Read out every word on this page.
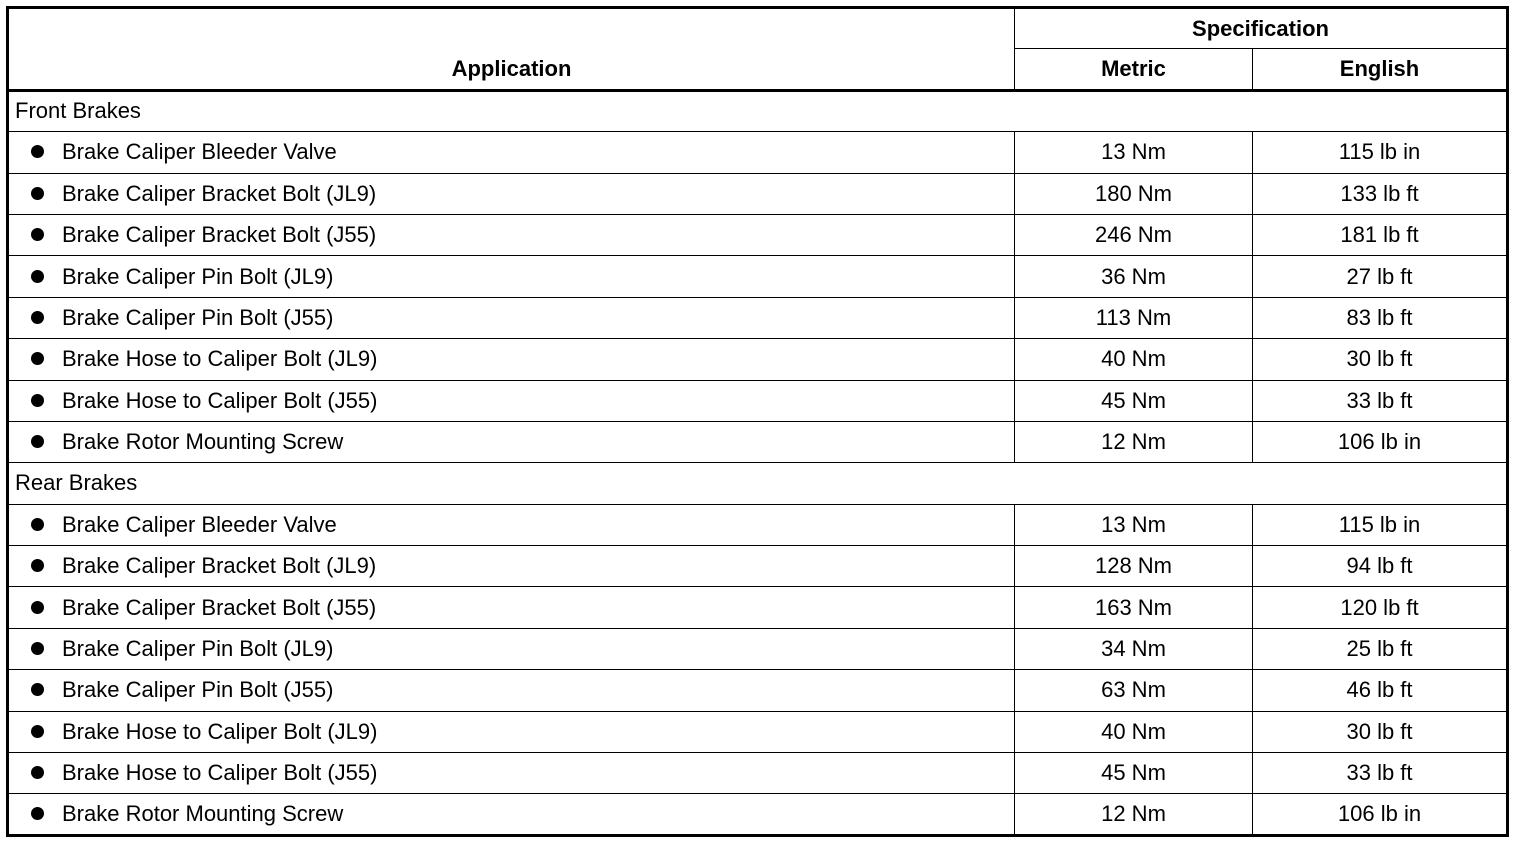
Application	Specification	
	Metric	English
Front Brakes		
Brake Caliper Bleeder Valve	13 Nm	115 lb in
Brake Caliper Bracket Bolt (JL9)	180 Nm	133 lb ft
Brake Caliper Bracket Bolt (J55)	246 Nm	181 lb ft
Brake Caliper Pin Bolt (JL9)	36 Nm	27 lb ft
Brake Caliper Pin Bolt (J55)	113 Nm	83 lb ft
Brake Hose to Caliper Bolt (JL9)	40 Nm	30 lb ft
Brake Hose to Caliper Bolt (J55)	45 Nm	33 lb ft
Brake Rotor Mounting Screw	12 Nm	106 lb in
Rear Brakes		
Brake Caliper Bleeder Valve	13 Nm	115 lb in
Brake Caliper Bracket Bolt (JL9)	128 Nm	94 lb ft
Brake Caliper Bracket Bolt (J55)	163 Nm	120 lb ft
Brake Caliper Pin Bolt (JL9)	34 Nm	25 lb ft
Brake Caliper Pin Bolt (J55)	63 Nm	46 lb ft
Brake Hose to Caliper Bolt (JL9)	40 Nm	30 lb ft
Brake Hose to Caliper Bolt (J55)	45 Nm	33 lb ft
Brake Rotor Mounting Screw	12 Nm	106 lb in
